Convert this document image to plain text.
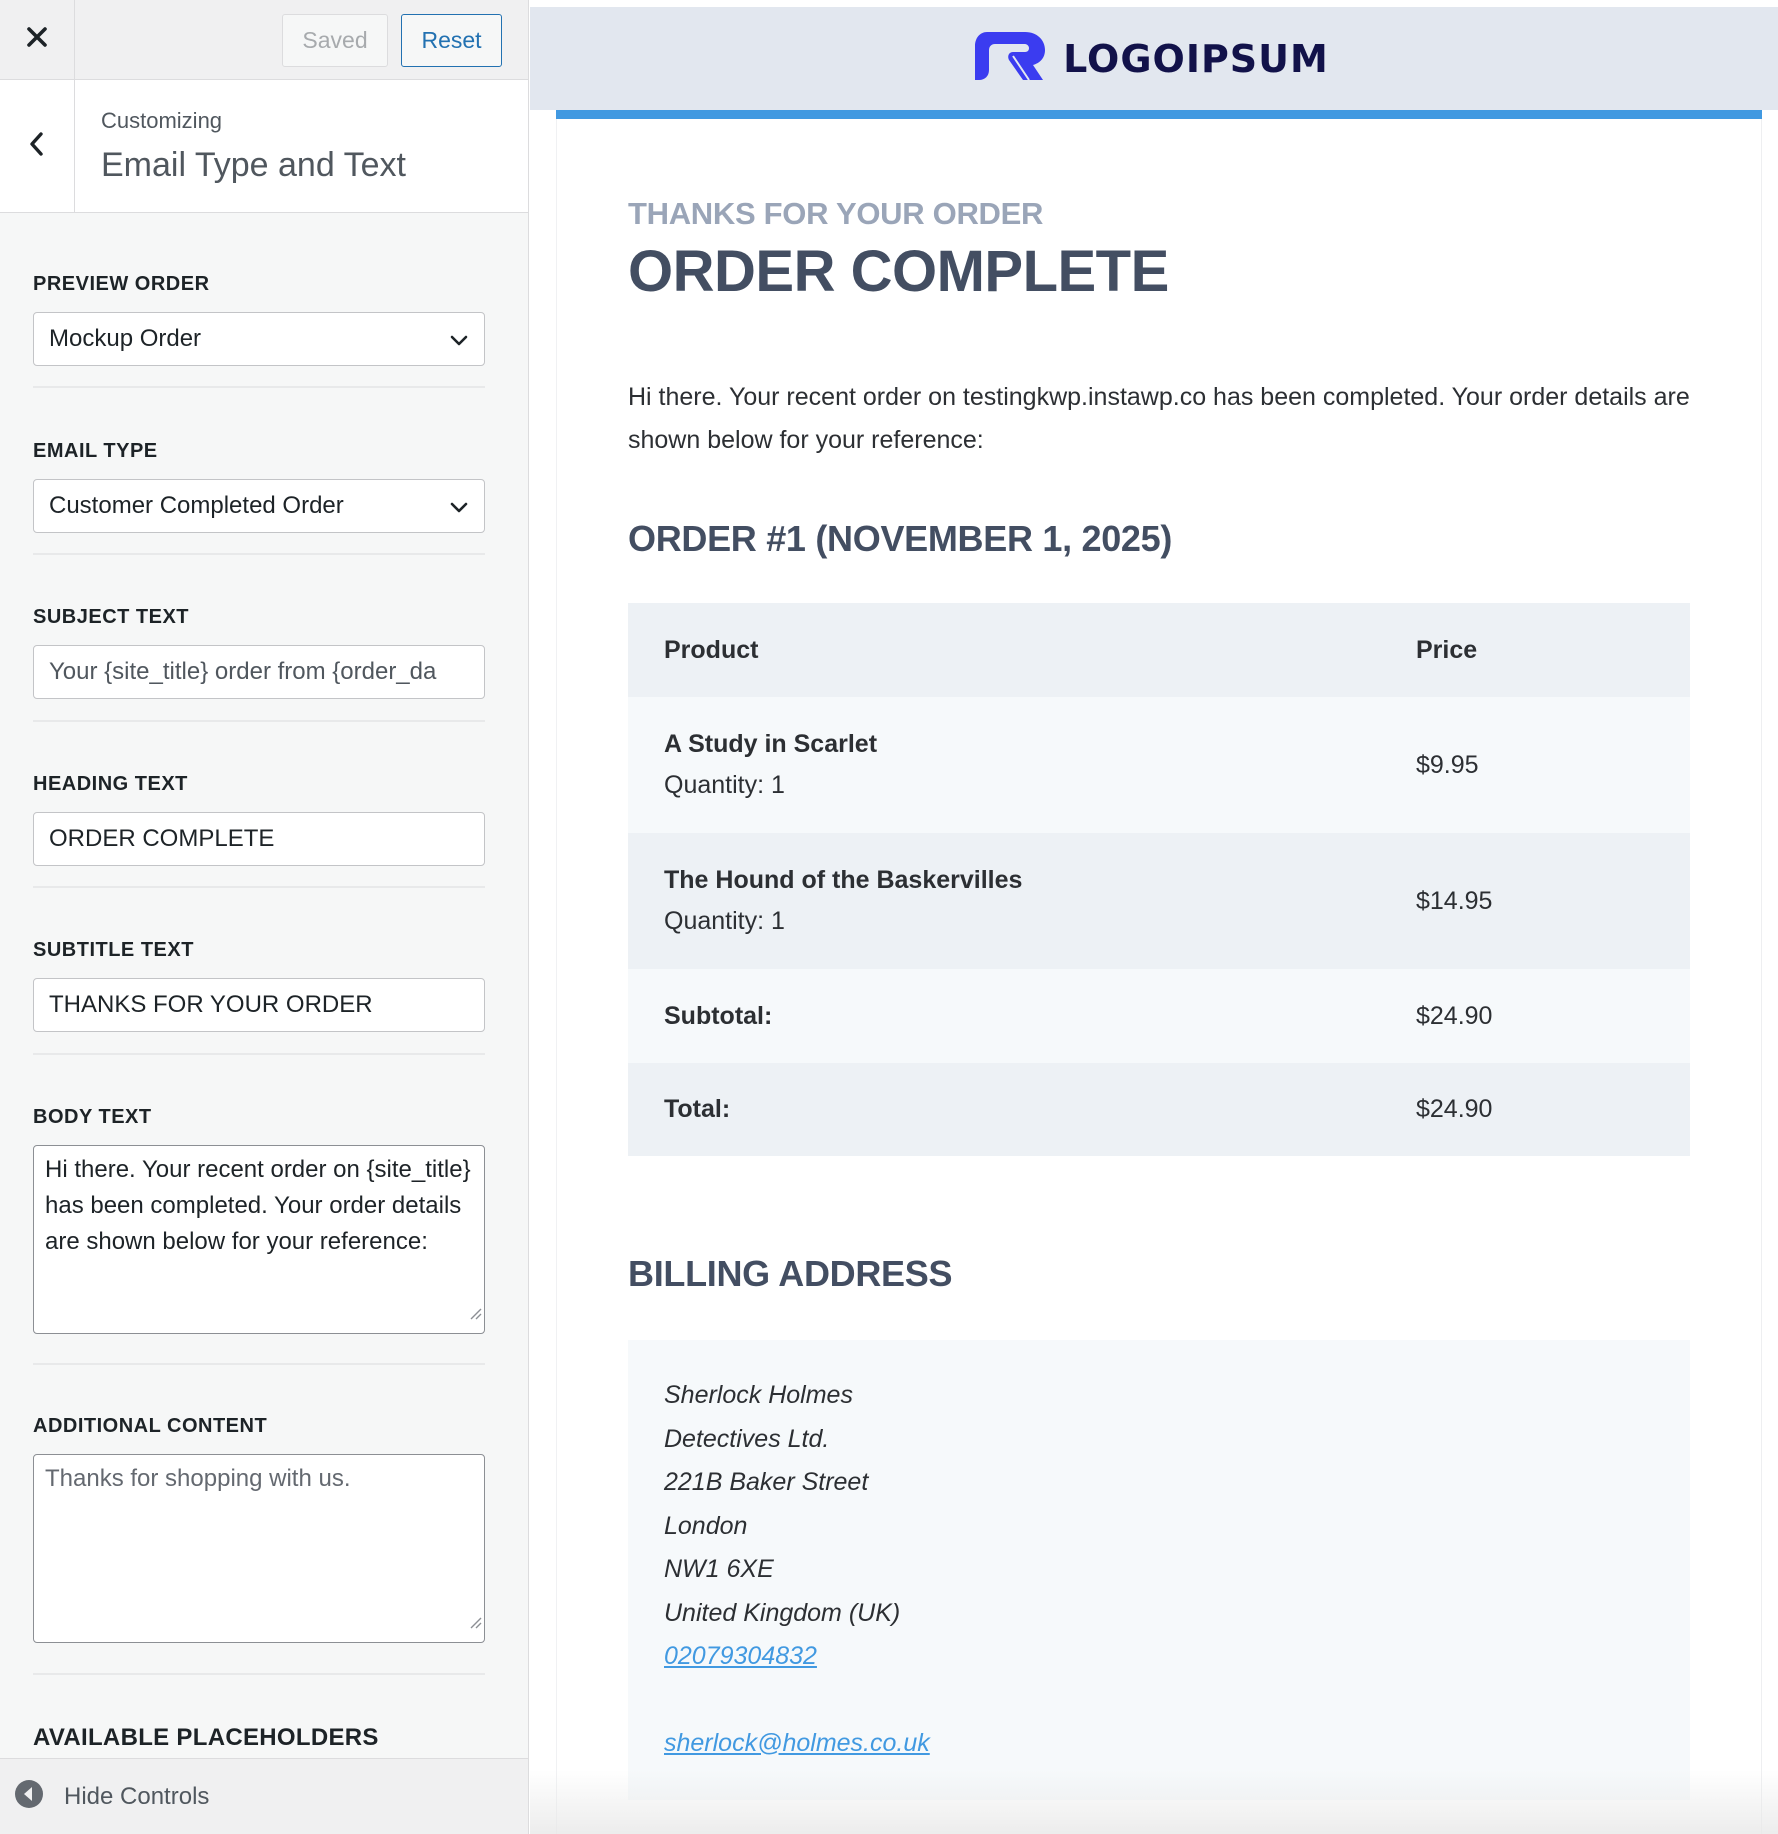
Saved	Reset
Customizing
Email Type and Text
PREVIEW ORDER
Mockup Order
EMAIL TYPE
Customer Completed Order
SUBJECT TEXT
Your {site_title} order from {order_da
HEADING TEXT
ORDER COMPLETE
SUBTITLE TEXT
THANKS FOR YOUR ORDER
BODY TEXT
Hi there. Your recent order on {site_title} has been completed. Your order details are shown below for your reference:
ADDITIONAL CONTENT
Thanks for shopping with us.
AVAILABLE PLACEHOLDERS
Hide Controls
LOGOIPSUM
THANKS FOR YOUR ORDER
ORDER COMPLETE
Hi there. Your recent order on testingkwp.instawp.co has been completed. Your order details are shown below for your reference:
ORDER #1 (NOVEMBER 1, 2025)
Product	Price

A Study in Scarlet
Quantity: 1	$9.95

The Hound of the Baskervilles
Quantity: 1	$14.95
Subtotal:	$24.90
Total:	$24.90
BILLING ADDRESS
Sherlock Holmes
Detectives Ltd.
221B Baker Street
London
NW1 6XE
United Kingdom (UK)
02079304832
sherlock@holmes.co.uk
